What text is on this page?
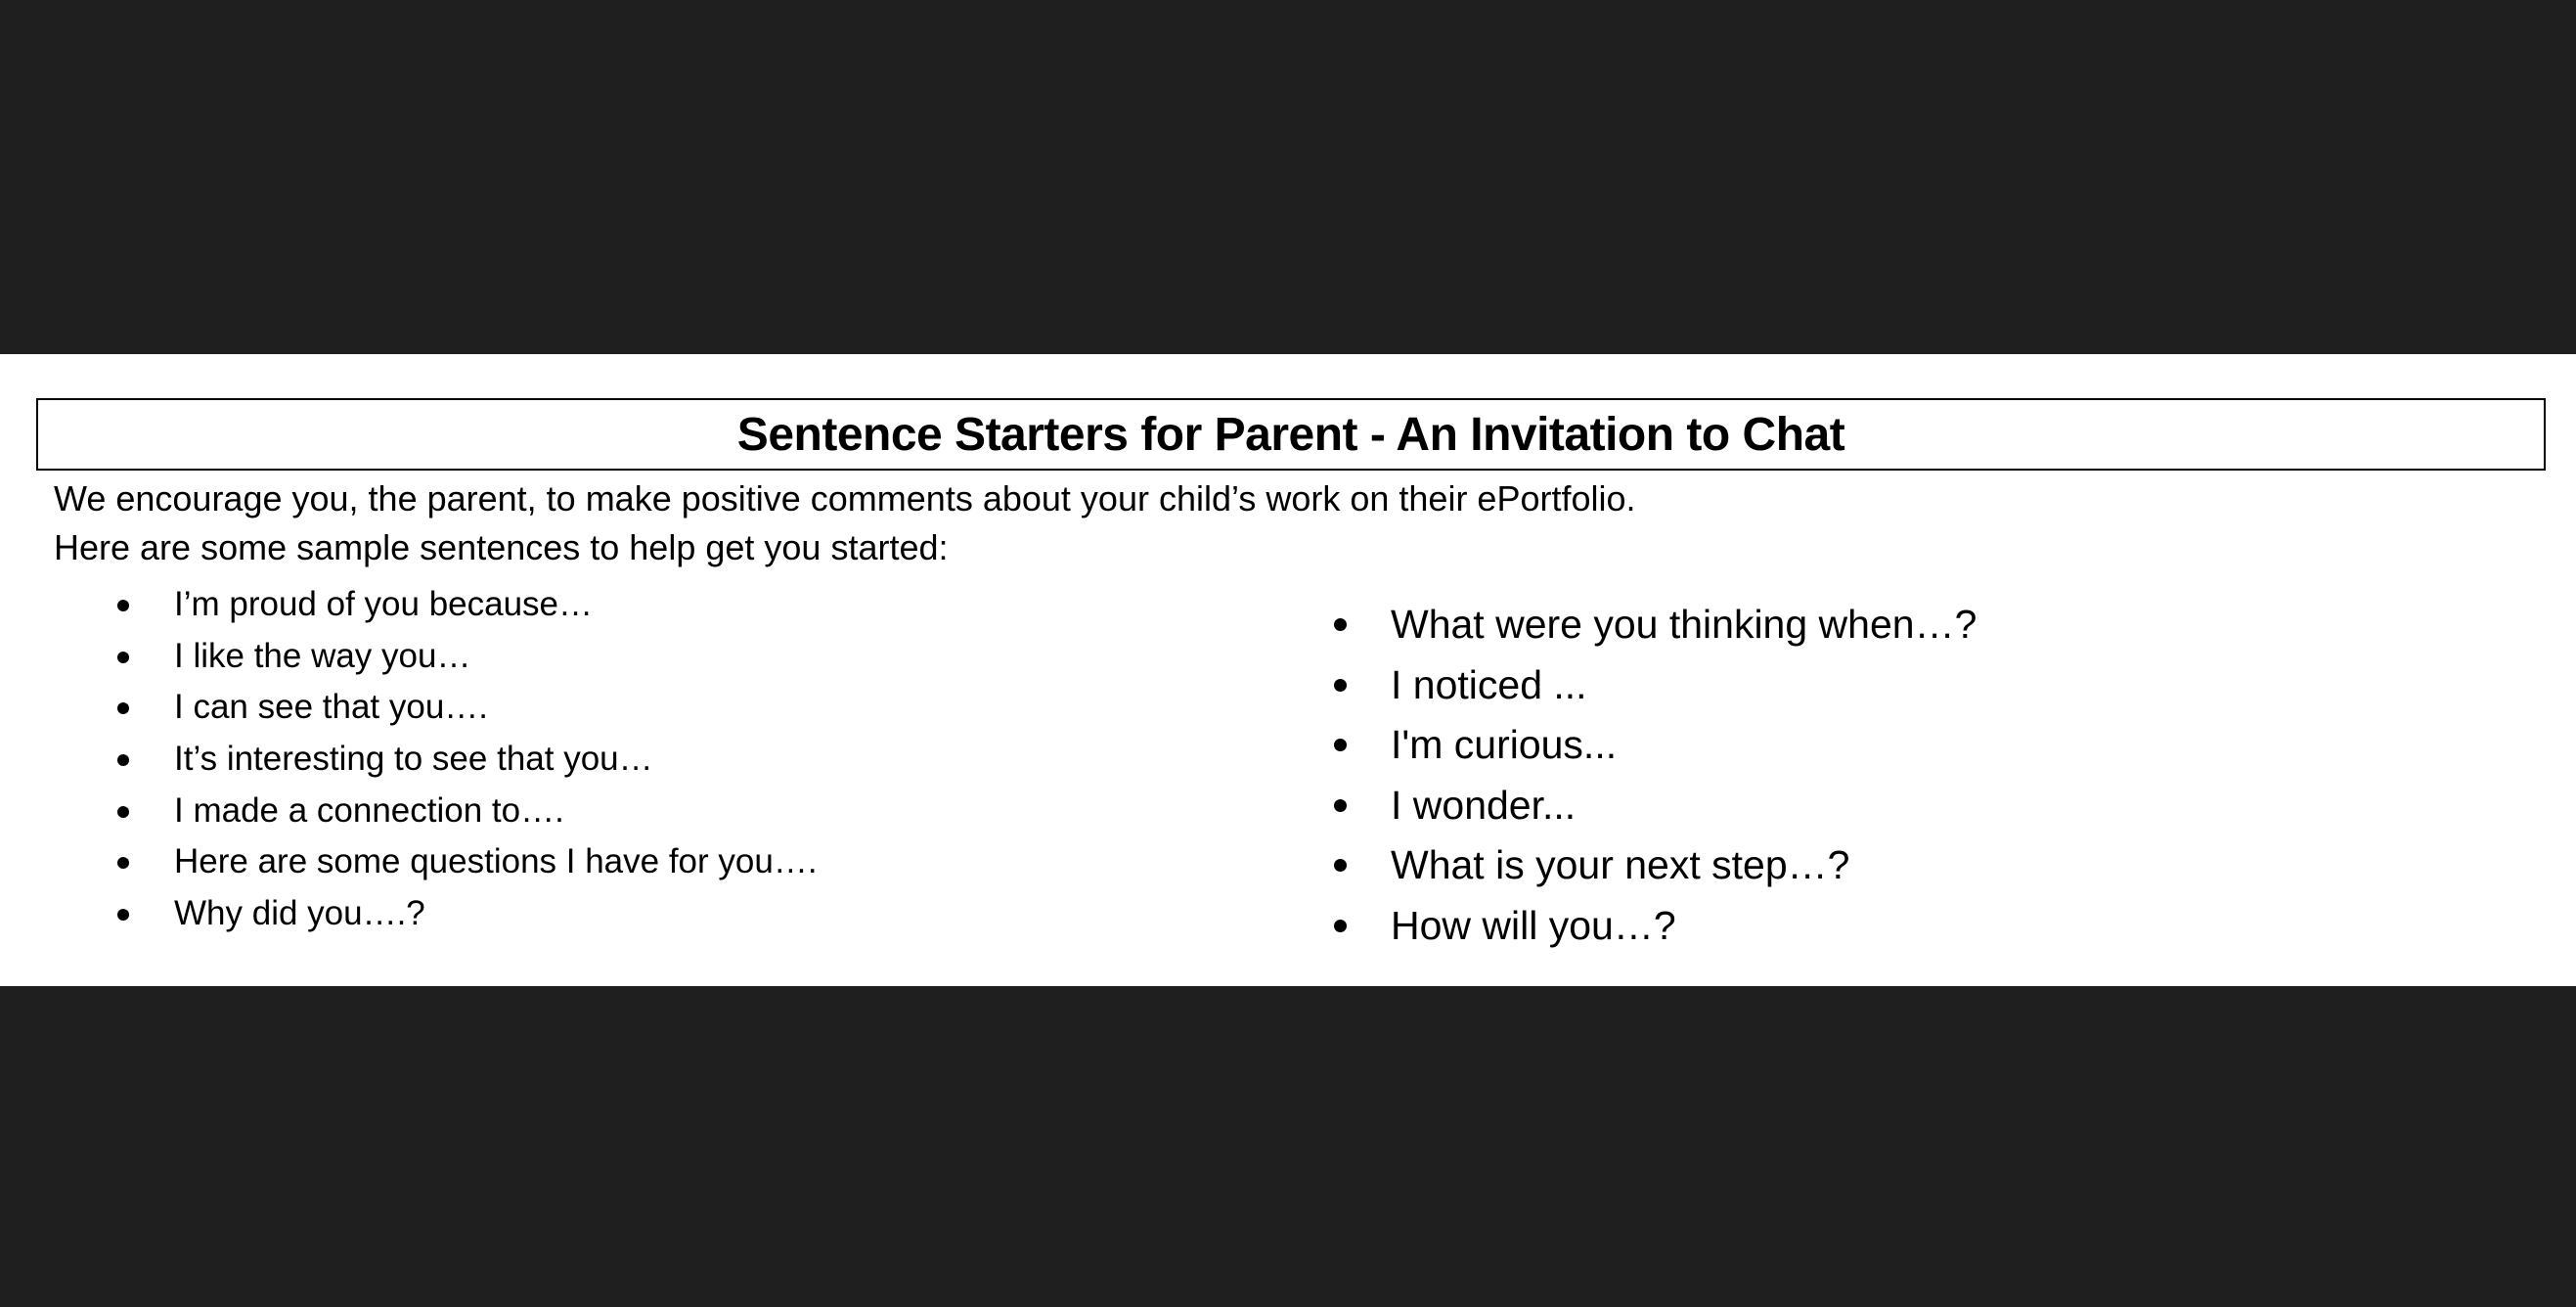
Sentence Starters for Parent - An Invitation to Chat
We encourage you, the parent, to make positive comments about your child’s work on their ePortfolio.
Here are some sample sentences to help get you started:
I’m proud of you because…
I like the way you…
I can see that you….
It’s interesting to see that you…
I made a connection to….
Here are some questions I have for you….
Why did you….?
What were you thinking when…?
I noticed ...
I'm curious...
I wonder...
What is your next step…?
How will you…?
